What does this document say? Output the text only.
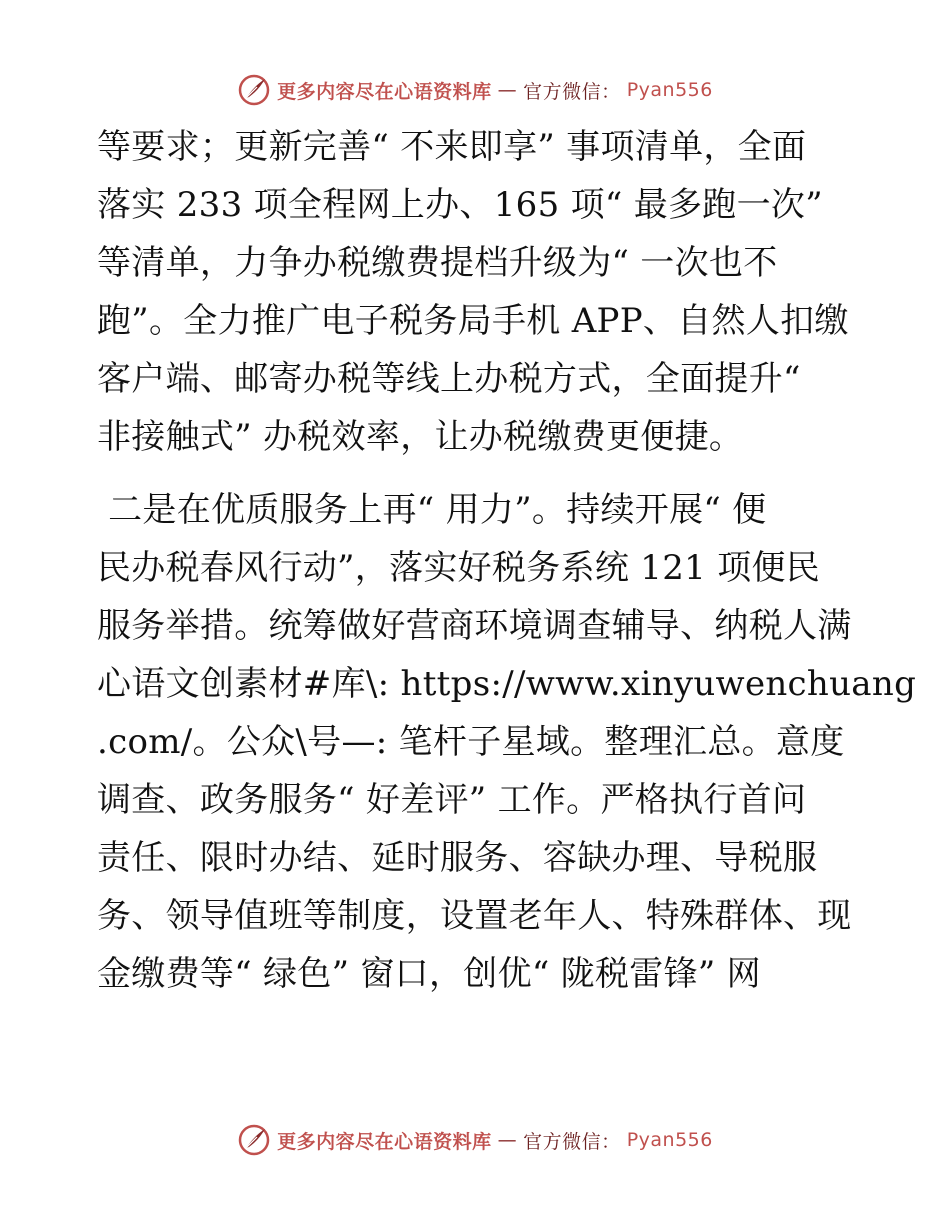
更多内容尽在心语资料库 — 官方微信： Pyan556
等要求；更新完善“ 不来即享” 事项清单，全面
落实 233 项全程网上办、165 项“ 最多跑一次”
等清单，力争办税缴费提档升级为“ 一次也不
跑”。全力推广电子税务局手机 APP、自然人扣缴
客户端、邮寄办税等线上办税方式，全面提升“
非接触式” 办税效率，让办税缴费更便捷。
二是在优质服务上再“ 用力”。持续开展“ 便
民办税春风行动”，落实好税务系统 121 项便民
服务举措。统筹做好营商环境调查辅导、纳税人满
心语文创素材#库\: https://www.xinyuwenchuang
.com/。公众\号—: 笔杆子星域。整理汇总。意度
调查、政务服务“ 好差评” 工作。严格执行首问
责任、限时办结、延时服务、容缺办理、导税服
务、领导值班等制度，设置老年人、特殊群体、现
金缴费等“ 绿色” 窗口，创优“ 陇税雷锋” 网
更多内容尽在心语资料库 — 官方微信： Pyan556
